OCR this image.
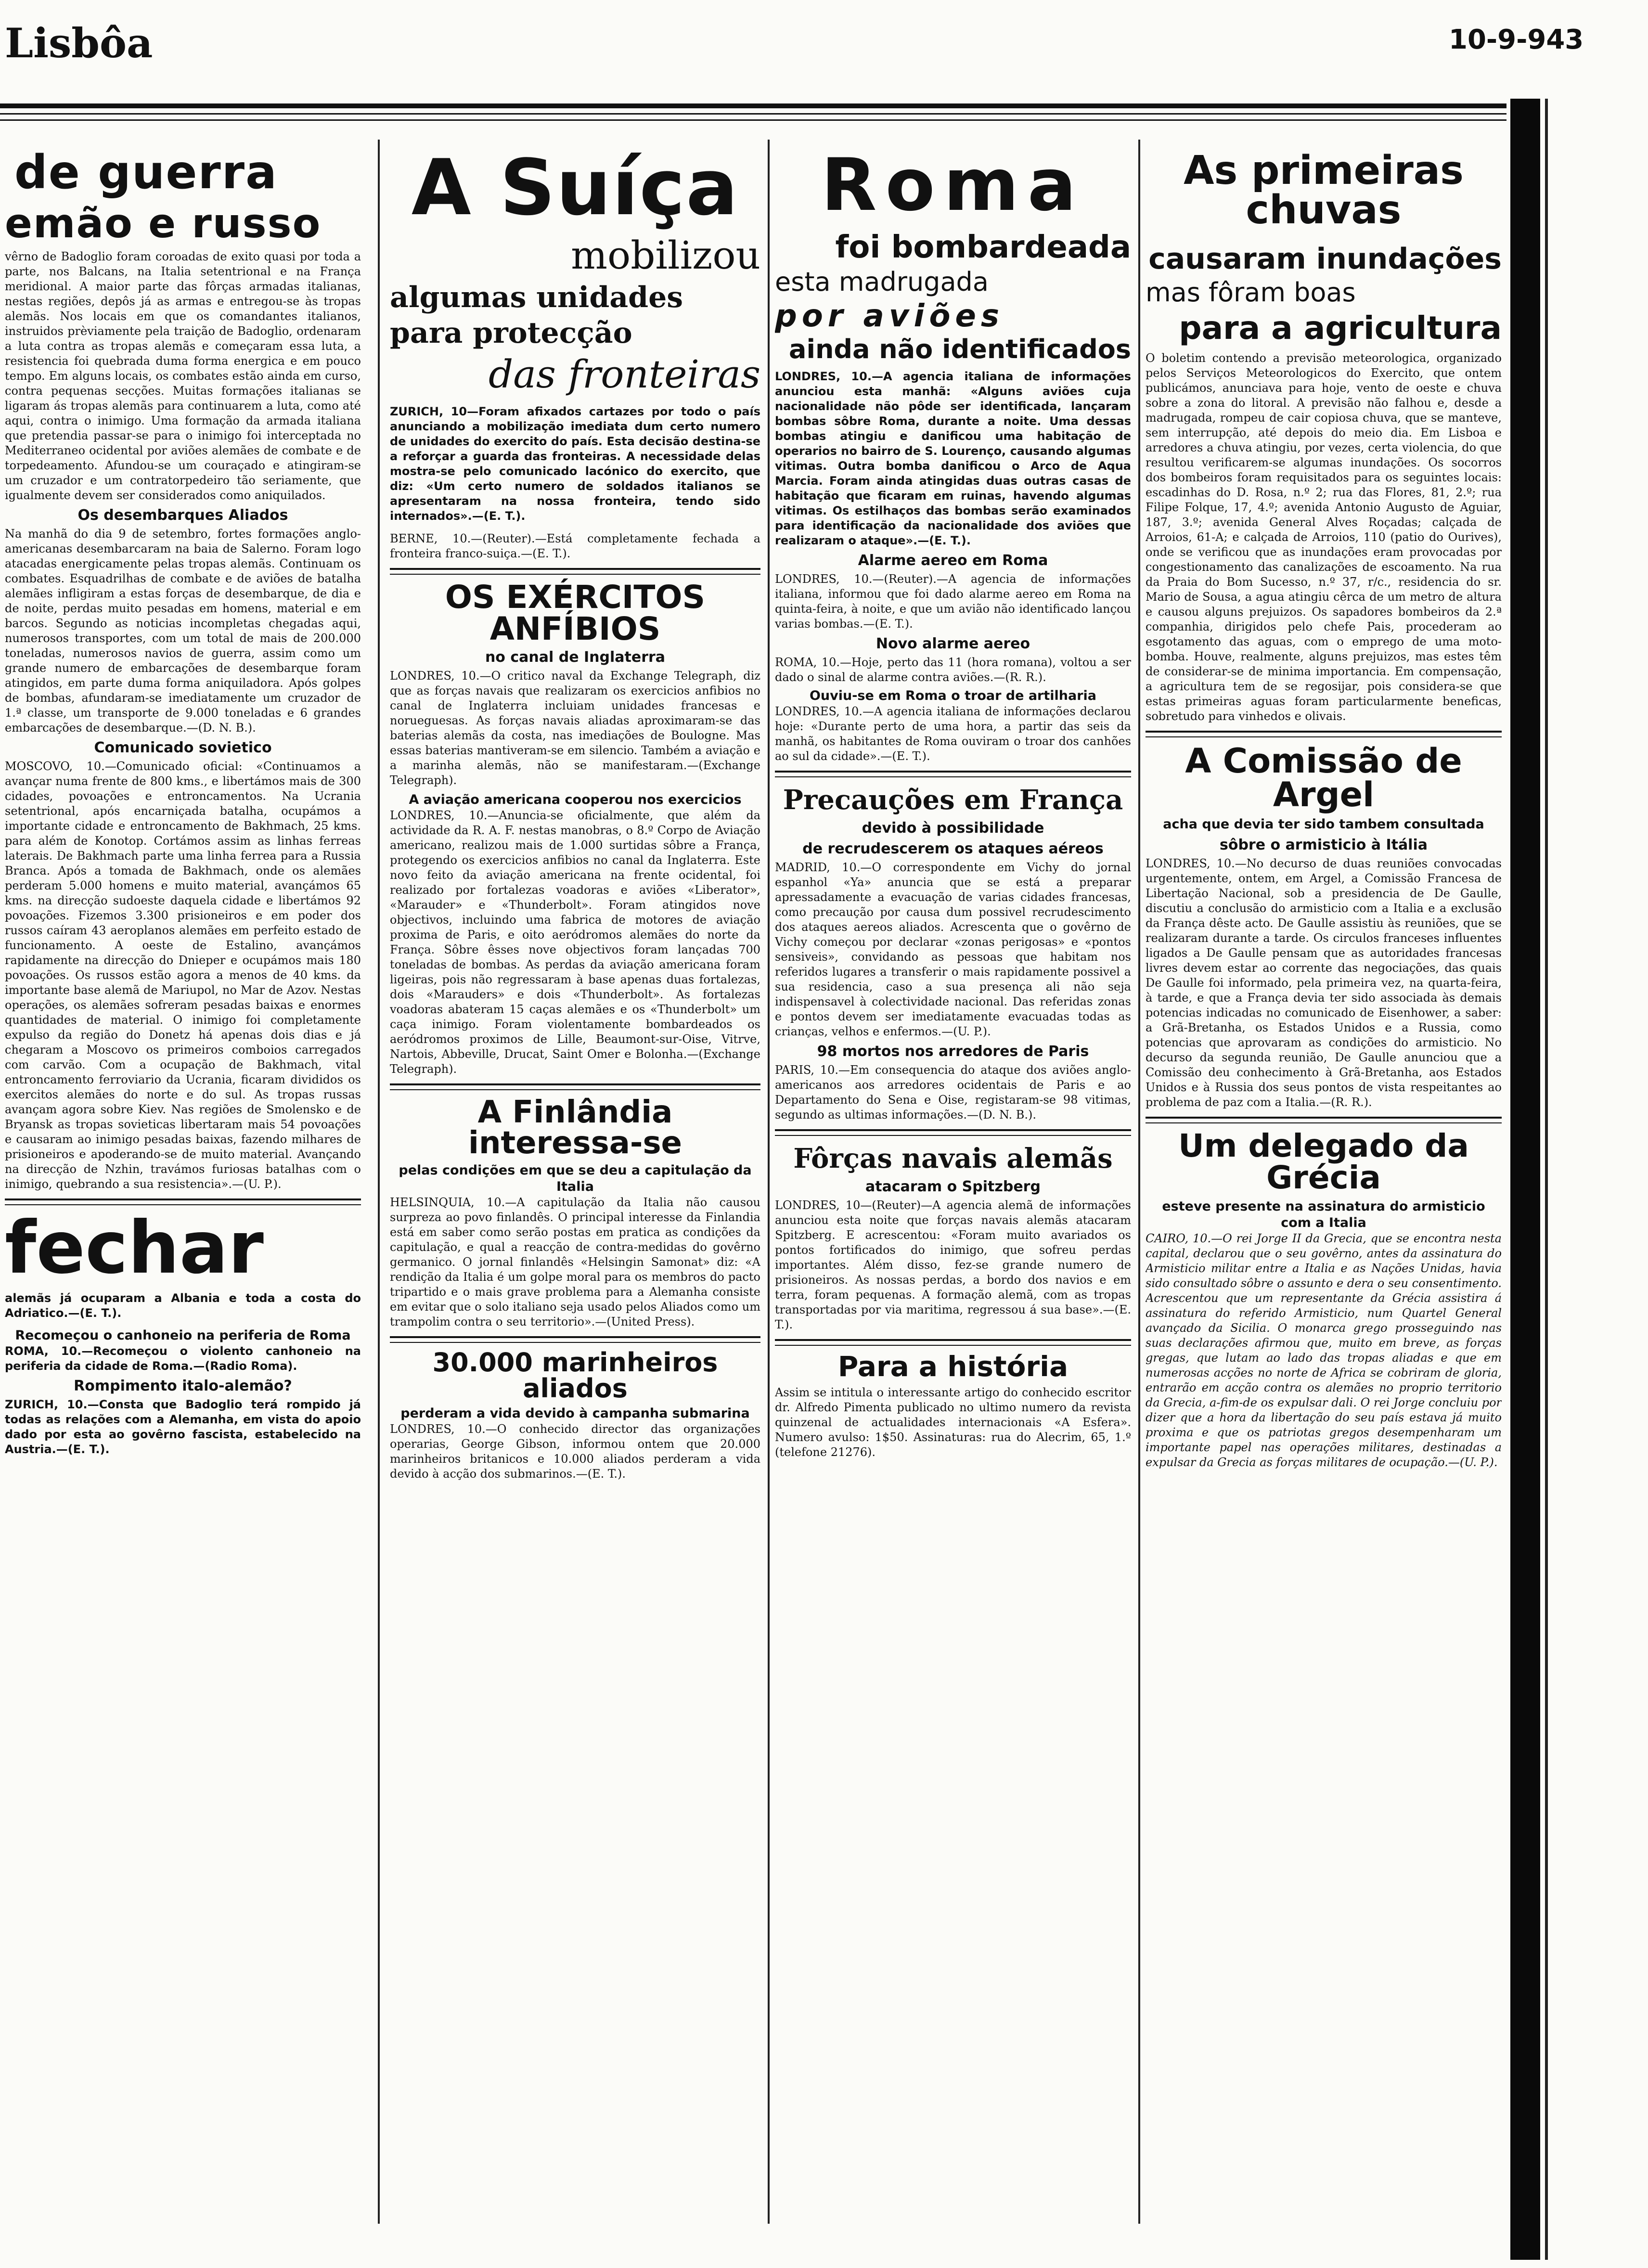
Lisbôa	10-9-943
de guerra
emão e russo
vêrno de Badoglio foram coroadas de exito quasi por toda a parte, nos Balcans, na Italia setentrional e na França meridional. A maior parte das fôrças armadas italianas, nestas regiões, depôs já as armas e entregou-se às tropas alemãs. Nos locais em que os comandantes italianos, instruidos prèviamente pela traição de Badoglio, ordenaram a luta contra as tropas alemãs e começaram essa luta, a resistencia foi quebrada duma forma energica e em pouco tempo. Em alguns locais, os combates estão ainda em curso, contra pequenas secções. Muitas formações italianas se ligaram ás tropas alemãs para continuarem a luta, como até aqui, contra o inimigo. Uma formação da armada italiana que pretendia passar-se para o inimigo foi interceptada no Mediterraneo ocidental por aviões alemães de combate e de torpedeamento. Afundou-se um couraçado e atingiram-se um cruzador e um contratorpedeiro tão seriamente, que igualmente devem ser considerados como aniquilados.
Os desembarques Aliados
Na manhã do dia 9 de setembro, fortes formações anglo-americanas desembarcaram na baia de Salerno. Foram logo atacadas energicamente pelas tropas alemãs. Continuam os combates. Esquadrilhas de combate e de aviões de batalha alemães infligiram a estas forças de desembarque, de dia e de noite, perdas muito pesadas em homens, material e em barcos. Segundo as noticias incompletas chegadas aqui, numerosos transportes, com um total de mais de 200.000 toneladas, numerosos navios de guerra, assim como um grande numero de embarcações de desembarque foram atingidos, em parte duma forma aniquiladora. Após golpes de bombas, afundaram-se imediatamente um cruzador de 1.ª classe, um transporte de 9.000 toneladas e 6 grandes embarcações de desembarque.—(D. N. B.).
Comunicado sovietico
MOSCOVO, 10.—Comunicado oficial: «Continuamos a avançar numa frente de 800 kms., e libertámos mais de 300 cidades, povoações e entroncamentos. Na Ucrania setentrional, após encarniçada batalha, ocupámos a importante cidade e entroncamento de Bakhmach, 25 kms. para além de Konotop. Cortámos assim as linhas ferreas laterais. De Bakhmach parte uma linha ferrea para a Russia Branca. Após a tomada de Bakhmach, onde os alemães perderam 5.000 homens e muito material, avançámos 65 kms. na direcção sudoeste daquela cidade e libertámos 92 povoações. Fizemos 3.300 prisioneiros e em poder dos russos caíram 43 aeroplanos alemães em perfeito estado de funcionamento. A oeste de Estalino, avançámos rapidamente na direcção do Dnieper e ocupámos mais 180 povoações. Os russos estão agora a menos de 40 kms. da importante base alemã de Mariupol, no Mar de Azov. Nestas operações, os alemães sofreram pesadas baixas e enormes quantidades de material. O inimigo foi completamente expulso da região do Donetz há apenas dois dias e já chegaram a Moscovo os primeiros comboios carregados com carvão. Com a ocupação de Bakhmach, vital entroncamento ferroviario da Ucrania, ficaram divididos os exercitos alemães do norte e do sul. As tropas russas avançam agora sobre Kiev. Nas regiões de Smolensko e de Bryansk as tropas sovieticas libertaram mais 54 povoações e causaram ao inimigo pesadas baixas, fazendo milhares de prisioneiros e apoderando-se de muito material. Avançando na direcção de Nzhin, travámos furiosas batalhas com o inimigo, quebrando a sua resistencia».—(U. P.).
fechar
alemãs já ocuparam a Albania e toda a costa do Adriatico.—(E. T.).
Recomeçou o canhoneio na periferia de Roma
ROMA, 10.—Recomeçou o violento canhoneio na periferia da cidade de Roma.—(Radio Roma).
Rompimento italo-alemão?
ZURICH, 10.—Consta que Badoglio terá rompido já todas as relações com a Alemanha, em vista do apoio dado por esta ao govêrno fascista, estabelecido na Austria.—(E. T.).
A Suíça
mobilizou
algumas unidades
para protecção
das fronteiras
ZURICH, 10—Foram afixados cartazes por todo o país anunciando a mobilização imediata dum certo numero de unidades do exercito do país. Esta decisão destina-se a reforçar a guarda das fronteiras. A necessidade delas mostra-se pelo comunicado lacónico do exercito, que diz: «Um certo numero de soldados italianos se apresentaram na nossa fronteira, tendo sido internados».—(E. T.).
BERNE, 10.—(Reuter).—Está completamente fechada a fronteira franco-suiça.—(E. T.).
OS EXÉRCITOS ANFÍBIOS
no canal de Inglaterra
LONDRES, 10.—O critico naval da Exchange Telegraph, diz que as forças navais que realizaram os exercicios anfibios no canal de Inglaterra incluiam unidades francesas e norueguesas. As forças navais aliadas aproximaram-se das baterias alemãs da costa, nas imediações de Boulogne. Mas essas baterias mantiveram-se em silencio. Também a aviação e a marinha alemãs, não se manifestaram.—(Exchange Telegraph).
A aviação americana cooperou nos exercicios
LONDRES, 10.—Anuncia-se oficialmente, que além da actividade da R. A. F. nestas manobras, o 8.º Corpo de Aviação americano, realizou mais de 1.000 surtidas sôbre a França, protegendo os exercicios anfibios no canal da Inglaterra. Este novo feito da aviação americana na frente ocidental, foi realizado por fortalezas voadoras e aviões «Liberator», «Marauder» e «Thunderbolt». Foram atingidos nove objectivos, incluindo uma fabrica de motores de aviação proxima de Paris, e oito aeródromos alemães do norte da França. Sôbre êsses nove objectivos foram lançadas 700 toneladas de bombas. As perdas da aviação americana foram ligeiras, pois não regressaram à base apenas duas fortalezas, dois «Marauders» e dois «Thunderbolt». As fortalezas voadoras abateram 15 caças alemães e os «Thunderbolt» um caça inimigo. Foram violentamente bombardeados os aeródromos proximos de Lille, Beaumont-sur-Oise, Vitrve, Nartois, Abbeville, Drucat, Saint Omer e Bolonha.—(Exchange Telegraph).
A Finlândia interessa-se
pelas condições em que se deu a capitulação da Italia
HELSINQUIA, 10.—A capitulação da Italia não causou surpreza ao povo finlandês. O principal interesse da Finlandia está em saber como serão postas em pratica as condições da capitulação, e qual a reacção de contra-medidas do govêrno germanico. O jornal finlandês «Helsingin Samonat» diz: «A rendição da Italia é um golpe moral para os membros do pacto tripartido e o mais grave problema para a Alemanha consiste em evitar que o solo italiano seja usado pelos Aliados como um trampolim contra o seu territorio».—(United Press).
30.000 marinheiros aliados
perderam a vida devido à campanha submarina
LONDRES, 10.—O conhecido director das organizações operarias, George Gibson, informou ontem que 20.000 marinheiros britanicos e 10.000 aliados perderam a vida devido à acção dos submarinos.—(E. T.).
Roma
foi bombardeada
esta madrugada
por aviões
ainda não identificados
LONDRES, 10.—A agencia italiana de informações anunciou esta manhã: «Alguns aviões cuja nacionalidade não pôde ser identificada, lançaram bombas sôbre Roma, durante a noite. Uma dessas bombas atingiu e danificou uma habitação de operarios no bairro de S. Lourenço, causando algumas vitimas. Outra bomba danificou o Arco de Aqua Marcia. Foram ainda atingidas duas outras casas de habitação que ficaram em ruinas, havendo algumas vitimas. Os estilhaços das bombas serão examinados para identificação da nacionalidade dos aviões que realizaram o ataque».—(E. T.).
Alarme aereo em Roma
LONDRES, 10.—(Reuter).—A agencia de informações italiana, informou que foi dado alarme aereo em Roma na quinta-feira, à noite, e que um avião não identificado lançou varias bombas.—(E. T.).
Novo alarme aereo
ROMA, 10.—Hoje, perto das 11 (hora romana), voltou a ser dado o sinal de alarme contra aviões.—(R. R.).
Ouviu-se em Roma o troar de artilharia
LONDRES, 10.—A agencia italiana de informações declarou hoje: «Durante perto de uma hora, a partir das seis da manhã, os habitantes de Roma ouviram o troar dos canhões ao sul da cidade».—(E. T.).
Precauções em França
devido à possibilidade
de recrudescerem os ataques aéreos
MADRID, 10.—O correspondente em Vichy do jornal espanhol «Ya» anuncia que se está a preparar apressadamente a evacuação de varias cidades francesas, como precaução por causa dum possivel recrudescimento dos ataques aereos aliados. Acrescenta que o govêrno de Vichy começou por declarar «zonas perigosas» e «pontos sensiveis», convidando as pessoas que habitam nos referidos lugares a transferir o mais rapidamente possivel a sua residencia, caso a sua presença ali não seja indispensavel à colectividade nacional. Das referidas zonas e pontos devem ser imediatamente evacuadas todas as crianças, velhos e enfermos.—(U. P.).
98 mortos nos arredores de Paris
PARIS, 10.—Em consequencia do ataque dos aviões anglo-americanos aos arredores ocidentais de Paris e ao Departamento do Sena e Oise, registaram-se 98 vitimas, segundo as ultimas informações.—(D. N. B.).
Fôrças navais alemãs
atacaram o Spitzberg
LONDRES, 10—(Reuter)—A agencia alemã de informações anunciou esta noite que forças navais alemãs atacaram Spitzberg. E acrescentou: «Foram muito avariados os pontos fortificados do inimigo, que sofreu perdas importantes. Além disso, fez-se grande numero de prisioneiros. As nossas perdas, a bordo dos navios e em terra, foram pequenas. A formação alemã, com as tropas transportadas por via maritima, regressou á sua base».—(E. T.).
Para a história
Assim se intitula o interessante artigo do conhecido escritor dr. Alfredo Pimenta publicado no ultimo numero da revista quinzenal de actualidades internacionais «A Esfera». Numero avulso: 1$50. Assinaturas: rua do Alecrim, 65, 1.º (telefone 21276).
As primeiras chuvas
causaram inundações
mas fôram boas
para a agricultura
O boletim contendo a previsão meteorologica, organizado pelos Serviços Meteorologicos do Exercito, que ontem publicámos, anunciava para hoje, vento de oeste e chuva sobre a zona do litoral. A previsão não falhou e, desde a madrugada, rompeu de cair copiosa chuva, que se manteve, sem interrupção, até depois do meio dia. Em Lisboa e arredores a chuva atingiu, por vezes, certa violencia, do que resultou verificarem-se algumas inundações. Os socorros dos bombeiros foram requisitados para os seguintes locais: escadinhas do D. Rosa, n.º 2; rua das Flores, 81, 2.º; rua Filipe Folque, 17, 4.º; avenida Antonio Augusto de Aguiar, 187, 3.º; avenida General Alves Roçadas; calçada de Arroios, 61-A; e calçada de Arroios, 110 (patio do Ourives), onde se verificou que as inundações eram provocadas por congestionamento das canalizações de escoamento. Na rua da Praia do Bom Sucesso, n.º 37, r/c., residencia do sr. Mario de Sousa, a agua atingiu cêrca de um metro de altura e causou alguns prejuizos. Os sapadores bombeiros da 2.ª companhia, dirigidos pelo chefe Pais, procederam ao esgotamento das aguas, com o emprego de uma moto-bomba. Houve, realmente, alguns prejuizos, mas estes têm de considerar-se de minima importancia. Em compensação, a agricultura tem de se regosijar, pois considera-se que estas primeiras aguas foram particularmente beneficas, sobretudo para vinhedos e olivais.
A Comissão de Argel
acha que devia ter sido tambem consultada
sôbre o armisticio à Itália
LONDRES, 10.—No decurso de duas reuniões convocadas urgentemente, ontem, em Argel, a Comissão Francesa de Libertação Nacional, sob a presidencia de De Gaulle, discutiu a conclusão do armisticio com a Italia e a exclusão da França dêste acto. De Gaulle assistiu às reuniões, que se realizaram durante a tarde. Os circulos franceses influentes ligados a De Gaulle pensam que as autoridades francesas livres devem estar ao corrente das negociações, das quais De Gaulle foi informado, pela primeira vez, na quarta-feira, à tarde, e que a França devia ter sido associada às demais potencias indicadas no comunicado de Eisenhower, a saber: a Grã-Bretanha, os Estados Unidos e a Russia, como potencias que aprovaram as condições do armisticio. No decurso da segunda reunião, De Gaulle anunciou que a Comissão deu conhecimento à Grã-Bretanha, aos Estados Unidos e à Russia dos seus pontos de vista respeitantes ao problema de paz com a Italia.—(R. R.).
Um delegado da Grécia
esteve presente na assinatura do armisticio com a Italia
CAIRO, 10.—O rei Jorge II da Grecia, que se encontra nesta capital, declarou que o seu govêrno, antes da assinatura do Armisticio militar entre a Italia e as Nações Unidas, havia sido consultado sôbre o assunto e dera o seu consentimento. Acrescentou que um representante da Grécia assistira á assinatura do referido Armisticio, num Quartel General avançado da Sicilia. O monarca grego prosseguindo nas suas declarações afirmou que, muito em breve, as forças gregas, que lutam ao lado das tropas aliadas e que em numerosas acções no norte de Africa se cobriram de gloria, entrarão em acção contra os alemães no proprio territorio da Grecia, a-fim-de os expulsar dali. O rei Jorge concluiu por dizer que a hora da libertação do seu país estava já muito proxima e que os patriotas gregos desempenharam um importante papel nas operações militares, destinadas a expulsar da Grecia as forças militares de ocupação.—(U. P.).
